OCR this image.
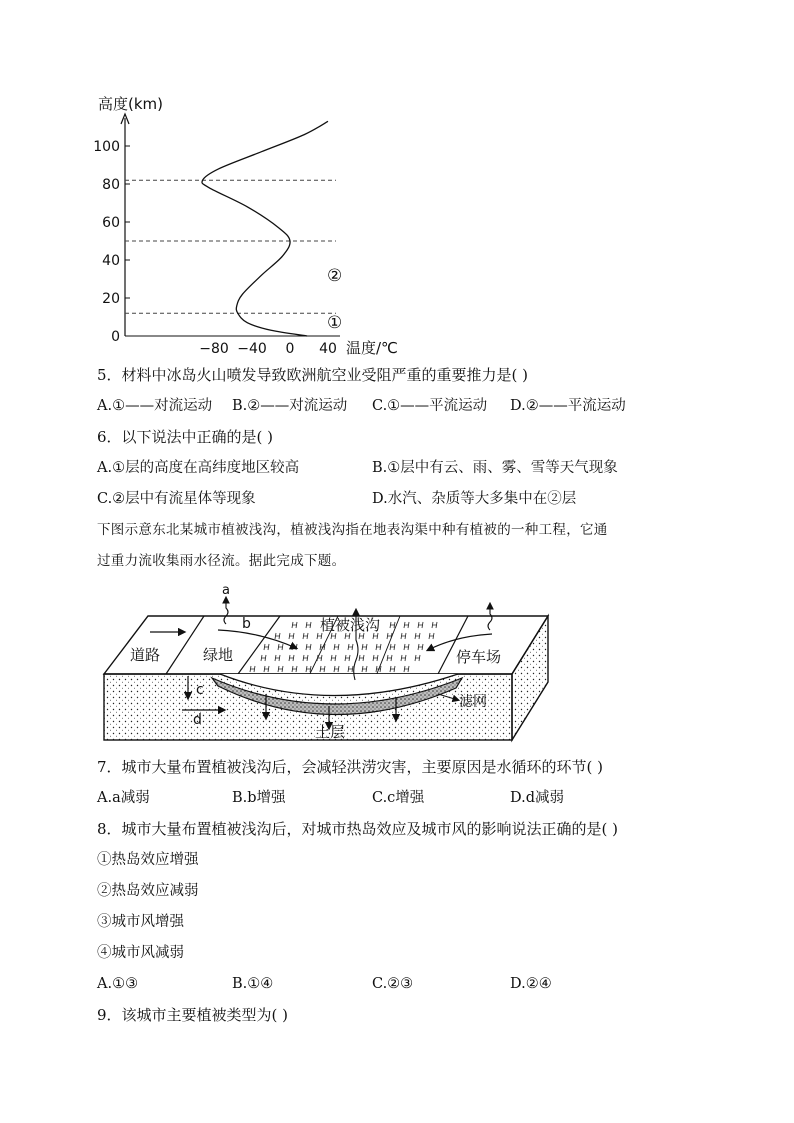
高度(km)
0
20
40
60
80
100
−80 −40 0 40 温度/℃
①
②
5．材料中冰岛火山喷发导致欧洲航空业受阻严重的重要推力是( )
A.①——对流运动 B.②——对流运动 C.①——平流运动 D.②——平流运动
6．以下说法中正确的是( )
A.①层的高度在高纬度地区较高	B.①层中有云、雨、雾、雪等天气现象
C.②层中有流星体等现象	D.水汽、杂质等大多集中在②层
下图示意东北某城市植被浅沟，植被浅沟指在地表沟渠中种有植被的一种工程，它通
过重力流收集雨水径流。据此完成下题。
道路	绿地
植被浅沟
停车场
滤网
土层
a
b
c
d
7．城市大量布置植被浅沟后，会减轻洪涝灾害，主要原因是水循环的环节( )
A.a减弱	B.b增强	C.c增强	D.d减弱
8．城市大量布置植被浅沟后，对城市热岛效应及城市风的影响说法正确的是( )
①热岛效应增强
②热岛效应减弱
③城市风增强
④城市风减弱
A.①③	B.①④	C.②③	D.②④
9．该城市主要植被类型为( )
